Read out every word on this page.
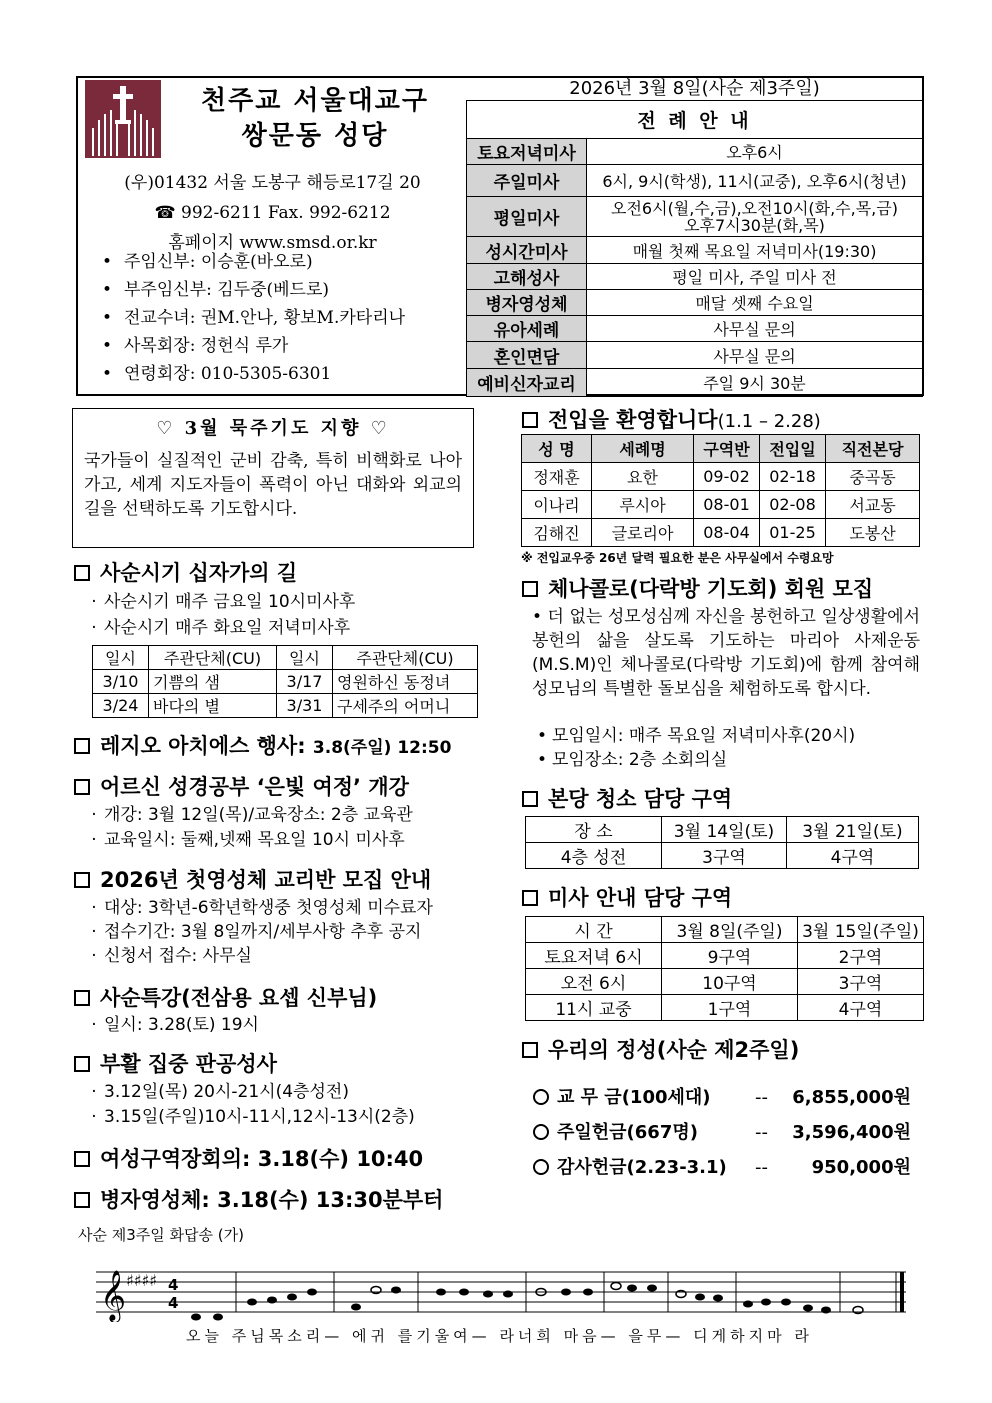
천주교 서울대교구
쌍문동 성당
(우)01432 서울 도봉구 해등로17길 20
☎ 992-6211 Fax. 992-6212
홈페이지 www.smsd.or.kr
• 주임신부: 이승훈(바오로)
• 부주임신부: 김두중(베드로)
• 전교수녀: 권M.안나, 황보M.카타리나
• 사목회장: 정헌식 루가
• 연령회장: 010-5305-6301
2026년 3월 8일(사순 제3주일)
전 례 안 내	
토요저녁미사	오후6시
주일미사	6시, 9시(학생), 11시(교중), 오후6시(청년)
평일미사	오전6시(월,수,금),오전10시(화,수,목,금)
오후7시30분(화,목)

성시간미사	매월 첫째 목요일 저녁미사(19:30)
고해성사	평일 미사, 주일 미사 전
병자영성체	매달 셋째 수요일
유아세례	사무실 문의
혼인면담	사무실 문의
예비신자교리	주일 9시 30분
♡ 3월 묵주기도 지향 ♡
국가들이 실질적인 군비 감축, 특히 비핵화로 나아가고, 세계 지도자들이 폭력이 아닌 대화와 외교의 길을 선택하도록 기도합시다.
사순시기 십자가의 길
· 사순시기 매주 금요일 10시미사후
· 사순시기 매주 화요일 저녁미사후
일시	주관단체(CU)	일시	주관단체(CU)
3/10	기쁨의 샘	3/17	영원하신 동정녀
3/24	바다의 별	3/31	구세주의 어머니
레지오 아치에스 행사: 3.8(주일) 12:50
어르신 성경공부 ‘은빛 여정’ 개강
· 개강: 3월 12일(목)/교육장소: 2층 교육관
· 교육일시: 둘째,넷째 목요일 10시 미사후
2026년 첫영성체 교리반 모집 안내
· 대상: 3학년-6학년학생중 첫영성체 미수료자
· 접수기간: 3월 8일까지/세부사항 추후 공지
· 신청서 접수: 사무실
사순특강(전삼용 요셉 신부님)
· 일시: 3.28(토) 19시
부활 집중 판공성사
· 3.12일(목) 20시-21시(4층성전)
· 3.15일(주일)10시-11시,12시-13시(2층)
여성구역장회의: 3.18(수) 10:40
병자영성체: 3.18(수) 13:30분부터
전입을 환영합니다(1.1 – 2.28)
성 명	세례명	구역반	전입일	직전본당
정재훈	요한	09-02	02-18	중곡동
이나리	루시아	08-01	02-08	서교동
김해진	글로리아	08-04	01-25	도봉산
※ 전입교우중 26년 달력 필요한 분은 사무실에서 수령요망
체나콜로(다락방 기도회) 회원 모집
• 더 없는 성모성심께 자신을 봉헌하고 일상생활에서 봉헌의 삶을 살도록 기도하는 마리아 사제운동(M.S.M)인 체나콜로(다락방 기도회)에 함께 참여해 성모님의 특별한 돌보심을 체험하도록 합시다.
• 모임일시: 매주 목요일 저녁미사후(20시)
• 모임장소: 2층 소회의실
본당 청소 담당 구역
장 소	3월 14일(토)	3월 21일(토)
4층 성전	3구역	4구역
미사 안내 담당 구역
시 간	3월 8일(주일)	3월 15일(주일)
토요저녁 6시	9구역	2구역
오전 6시	10구역	3구역
11시 교중	1구역	4구역
우리의 정성(사순 제2주일)
교 무 금(100세대) -- 6,855,000원
주일헌금(667명)	-- 3,596,400원
감사헌금(2.23-3.1) -- 950,000원
사순 제3주일 화답송 (가)
𝄞 ♯♯♯♯ 4
4
오늘 주님목소리— 에귀 를기울여— 라너희 마음— 을무— 디게하지마 라
